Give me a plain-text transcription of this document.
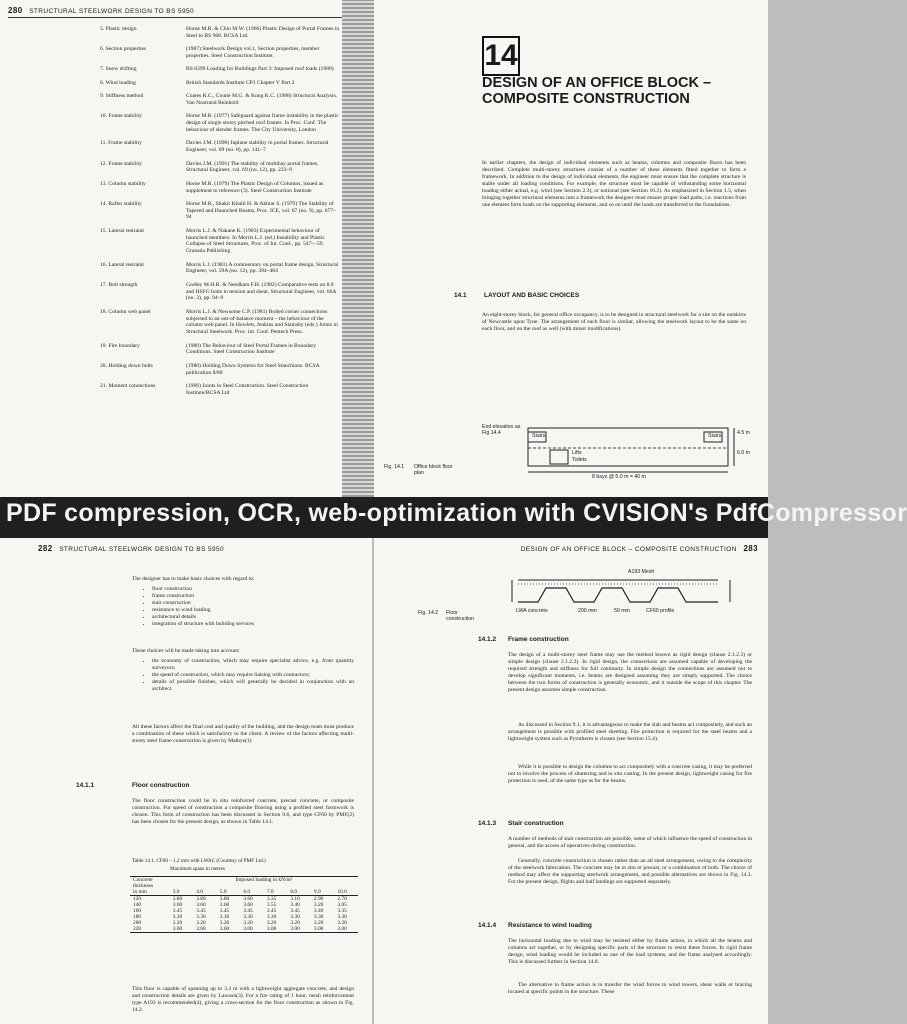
280 STRUCTURAL STEELWORK DESIGN TO BS 5950
5. Plastic design	Horne M.R. & Chin M.W. (1966) Plastic Design of Portal Frames in Steel to BS 968. BCSA Ltd.
6. Section properties	(1987) Steelwork Design vol.1, Section properties, member properties. Steel Construction Institute.
7. Snow drifting	BS 6399 Loading for Buildings Part 3: Imposed roof loads (1988)
8. Wind loading	British Standards Institute CP3 Chapter V Part 2
9. Stiffness method	Coates R.C., Coutie M.G. & Kong K.C. (1988) Structural Analysis. Van Nostrand Reinhold
10. Frame stability	Horne M.R. (1977) Safeguard against frame instability in the plastic design of single storey pitched roof frames. In Proc. Conf. The behaviour of slender frames. The City University, London
11. Frame stability	Davies J.M. (1990) Inplane stability in portal frames. Structural Engineer, vol. 69 (no. 8), pp. 141–7
12. Frame stability	Davies J.M. (1991) The stability of multibay portal frames. Structural Engineer, vol. 69 (no. 12), pp. 223–9
13. Column stability	Horne M.R. (1979) The Plastic Design of Columns, issued as supplement to reference (3). Steel Construction Institute
14. Rafter stability	Horne M.R., Shakir Khalil H. & Akhtar S. (1979) The Stability of Tapered and Haunched Beams, Proc. ICE, vol. 67 (no. 9), pp. 677–94
15. Lateral restraint	Morris L.J. & Nakane K. (1983) Experimental behaviour of haunched members. In Morris L.J. (ed.) Instability and Plastic Collapse of Steel Structures, Proc. of Int. Conf., pp. 547—59. Granada Publishing
16. Lateral restraint	Morris L.J. (1981) A commentary on portal frame design, Structural Engineer, vol. 59A (no. 12), pp. 394–404
17. Bolt strength	Godley M.H.R. & Needham F.H. (1982) Comparative tests on 8.8 and HSFG bolts in tension and shear, Structural Engineer, vol. 60A (no. 3), pp. 94–9
18. Column web panel	Morris L.J. & Newsome C.P. (1981) Bolted corner connections subjected to an out-of-balance moment – the behaviour of the column web panel. In Howlett, Jenkins and Stainsby (eds.) Joints in Structural Steelwork. Proc. int. Conf. Pentech Press.
19. Fire boundary	(1980) The Behaviour of Steel Portal Frames in Boundary Conditions. Steel Construction Institute
20. Holding down bolts	(1980) Holding Down Systems for Steel Stanchions. BCSA publication 8/80
21. Moment connections	(1966) Joints in Steel Construction. Steel Construction Institute/BCSA Ltd
14
DESIGN OF AN OFFICE BLOCK – COMPOSITE CONSTRUCTION
In earlier chapters, the design of individual elements such as beams, columns and composite floors has been described. Complete multi-storey structures consist of a number of these elements fitted together to form a framework. In addition to the design of individual elements, the engineer must ensure that the complete structure is stable under all loading conditions. For example, the structure must be capable of withstanding some horizontal loading either actual, e.g. wind (see Section 2.3), or notional (see Section 10.2). As emphasized in Section 1.5, when bringing together structural elements into a framework the designer must ensure proper load paths, i.e. reactions from one element form loads on the supporting elements, and so on until the loads are transferred to the foundations.
14.1	LAYOUT AND BASIC CHOICES
An eight-storey block, for general office occupancy, is to be designed in structural steelwork for a site on the outskirts of Newcastle upon Tyne. The arrangement of each floor is similar, allowing the steelwork layout to be the same on each floor, and on the roof as well (with minor modifications).
End elevation as Fig 14.4	Stairs	Stairs
Lifts
Toilets
8 bays @ 5.0 m = 40 m
4.5 m
6.0 m
Fig. 14.1	Office block floor plan
PDF compression, OCR, web-optimization with CVISION's PdfCompressor
282 STRUCTURAL STEELWORK DESIGN TO BS 5950
The designer has to make basic choices with regard to:
• floor construction
• frame construction
• stair construction
• resistance to wind loading
• architectural details
• integration of structure with building services
These choices will be made taking into account:
• the economy of construction, which may require specialist advice, e.g. from quantity surveyors;
• the speed of construction, which may require liaising with contractors;
• details of possible finishes, which will generally be decided in conjunction with an architect.
All these factors affect the final cost and quality of the building, and the design team must produce a combination of these which is satisfactory to the client. A review of the factors affecting multi-storey steel frame construction is given by Mathys(1)
14.1.1	Floor construction
The floor construction could be in situ reinforced concrete, precast concrete, or composite construction. For speed of construction a composite flooring using a profiled steel formwork is chosen. This form of construction has been discussed in Section 9.6, and type CF60 by PMF(2) has been chosen for the present design, as shown in Table 14.1.
Table 14.1. CF60 – 1.2 mm with LWAC (Courtesy of PMF Ltd.)
Maximum spans in metres

Concrete	Imposed loading in kN/m²							
thickness								
in mm	3.0	4.0	5.0	6.0	7.0	8.0	9.0	10.0

120	3.80	3.80	3.80	3.60	3.35	3.10	2.90	2.70
140	3.60	3.60	3.60	3.60	3.55	3.40	3.20	3.05
160	3.45	3.45	3.45	3.45	3.45	3.45	3.40	3.35
180	3.30	3.30	3.30	3.30	3.30	3.30	3.30	3.30
200	3.20	3.20	3.20	3.20	3.20	3.20	3.20	3.20
220	3.00	3.00	3.00	3.00	3.00	3.00	3.00	3.00

This floor is capable of spanning up to 3.3 m with a lightweight aggregate concrete, and design and construction details are given by Lawson(3). For a fire rating of 1 hour, mesh reinforcement type A193 is recommended(4), giving a cross-section for the floor construction as shown in Fig. 14.2.
DESIGN OF AN OFFICE BLOCK – COMPOSITE CONSTRUCTION 283
A193 Mesh
LWA concrete	200 mm	50 mm	CF60 profile
Fig. 14.2	Floor construction
14.1.2 Frame construction
The design of a multi-storey steel frame may use the method known as rigid design (clause 2.1.2.3) or simple design (clause 2.1.2.2). In rigid design, the connections are assumed capable of developing the required strength and stiffness for full continuity. In simple design the connections are assumed not to develop significant moments, i.e. beams are designed assuming they are simply supported. The choice between the two forms of construction is generally economic, and it outside the scope of this chapter. The present design assumes simple construction.
As discussed in Section 9.1, it is advantageous to make the slab and beams act compositely, and such an arrangement is possible with profiled steel sheeting. Fire protection is required for the steel beams and a lightweight system such as Pyrotherm is chosen (see Section 15.4).
While it is possible to design the columns to act compositely with a concrete casing, it may be preferred not to involve the process of shuttering and in situ casting. In the present design, lightweight casing for fire protection is used, of the same type as for the beams.
14.1.3 Stair construction
A number of methods of stair construction are possible, some of which influence the speed of construction in general, and the access of operatives during construction.
Generally, concrete construction is chosen rather than an all steel arrangement, owing to the complexity of the steelwork fabrication. The concrete may be in situ or precast, or a combination of both. The choice of method may affect the supporting steelwork arrangement, and possible alternatives are shown in Fig. 14.3. For the present design, flights and half landings are supported separately.
14.1.4 Resistance to wind loading
The horizontal loading due to wind may be resisted either by frame action, in which all the beams and columns act together, or by designing specific parts of the structure to resist these forces. In rigid frame design, wind loading would be included as one of the load systems, and the frame analysed accordingly. This is discussed further in Section 14.8.
The alternative to frame action is to transfer the wind forces to wind towers, shear walls or bracing located at specific points in the structure. These
